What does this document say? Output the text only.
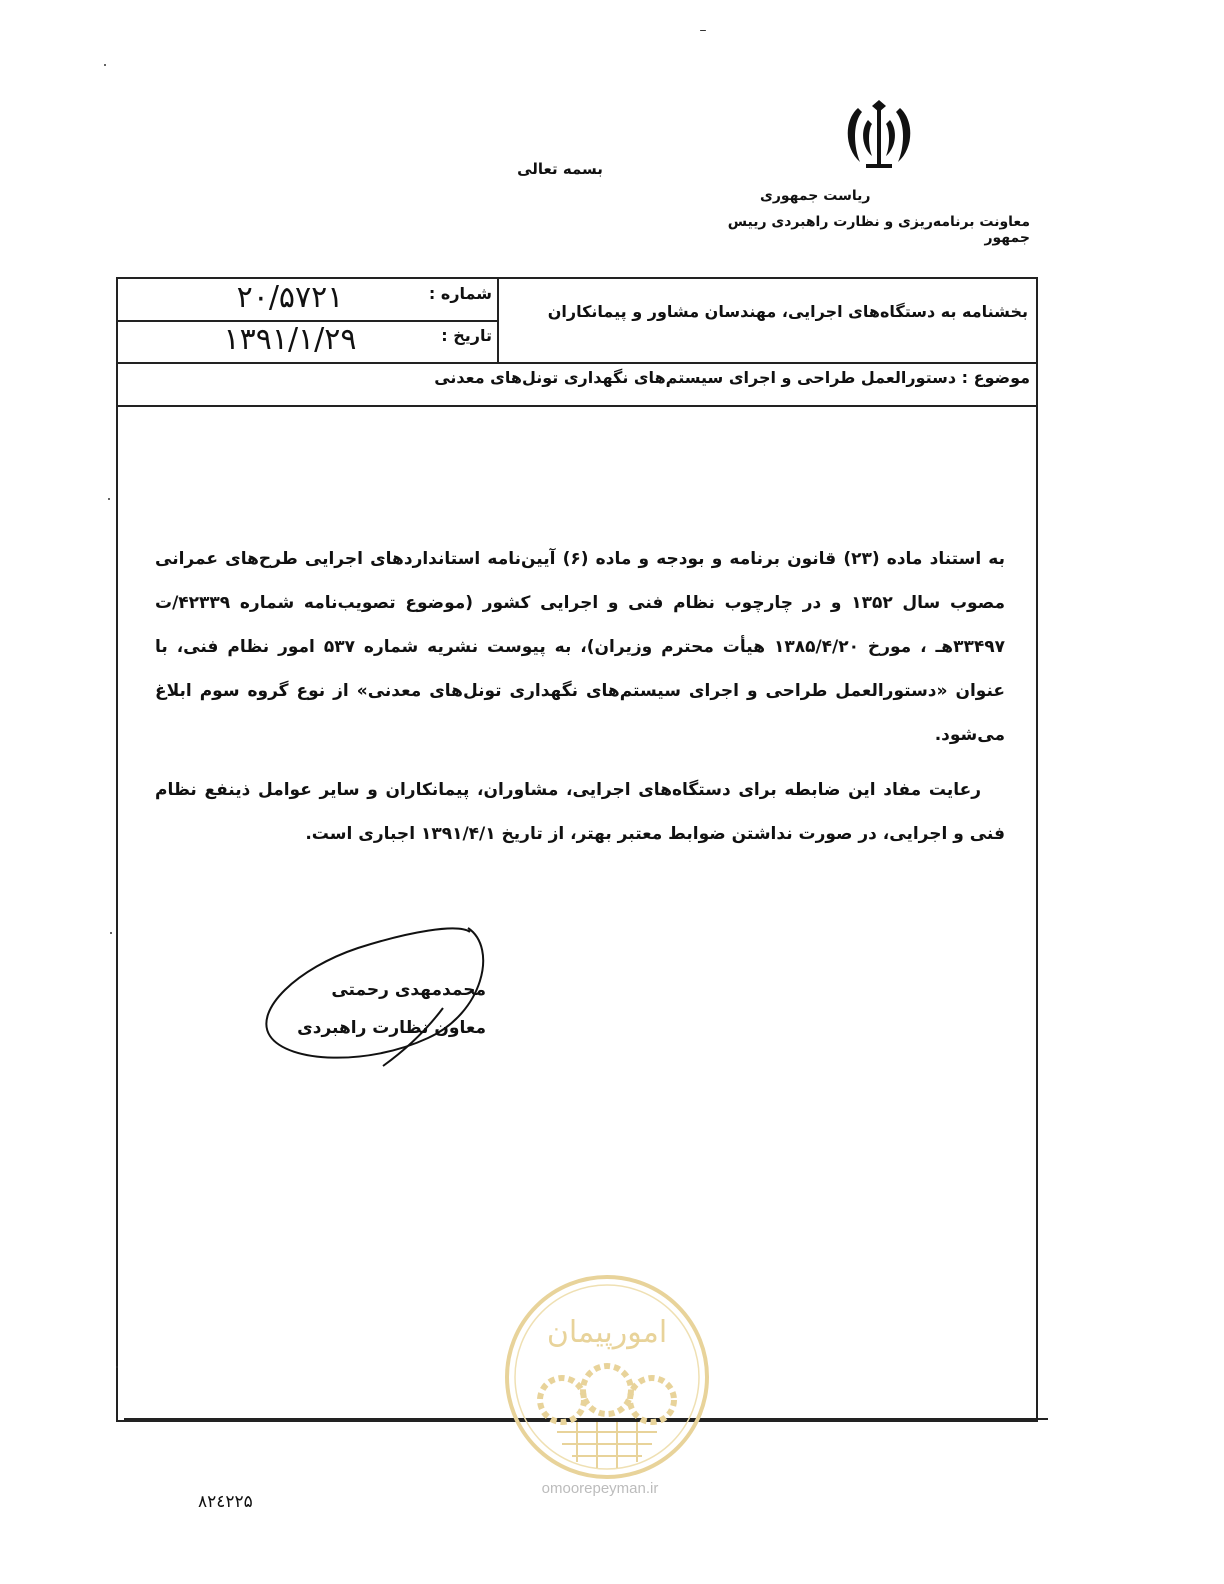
بسمه تعالی
ریاست جمهوری
معاونت برنامه‌ریزی و نظارت راهبردی رییس جمهور
شماره :
۲۰/۵۷۲۱
تاریخ :
۱۳۹۱/۱/۲۹
بخشنامه به دستگاه‌های اجرایی، مهندسان مشاور و پیمانکاران
موضوع : دستورالعمل طراحی و اجرای سیستم‌های نگهداری تونل‌های معدنی
به استناد ماده (۲۳) قانون برنامه و بودجه و ماده (۶) آیین‌نامه استانداردهای اجرایی طرح‌های عمرانی مصوب سال ۱۳۵۲ و در چارچوب نظام فنی و اجرایی کشور (موضوع تصویب‌نامه شماره ۴۲۳۳۹/ت ۳۳۴۹۷هـ ، مورخ ۱۳۸۵/۴/۲۰ هیأت محترم وزیران)، به پیوست نشریه شماره ۵۳۷ امور نظام فنی، با عنوان «دستورالعمل طراحی و اجرای سیستم‌های نگهداری تونل‌های معدنی» از نوع گروه سوم ابلاغ می‌شود.
رعایت مفاد این ضابطه برای دستگاه‌های اجرایی، مشاوران، پیمانکاران و سایر عوامل ذینفع نظام فنی و اجرایی، در صورت نداشتن ضوابط معتبر بهتر، از تاریخ ۱۳۹۱/۴/۱ اجباری است.
محمدمهدی رحمتی
معاون نظارت راهبردی
امورپیمان
omoorepeyman.ir
۸۲٤۲۲۵
